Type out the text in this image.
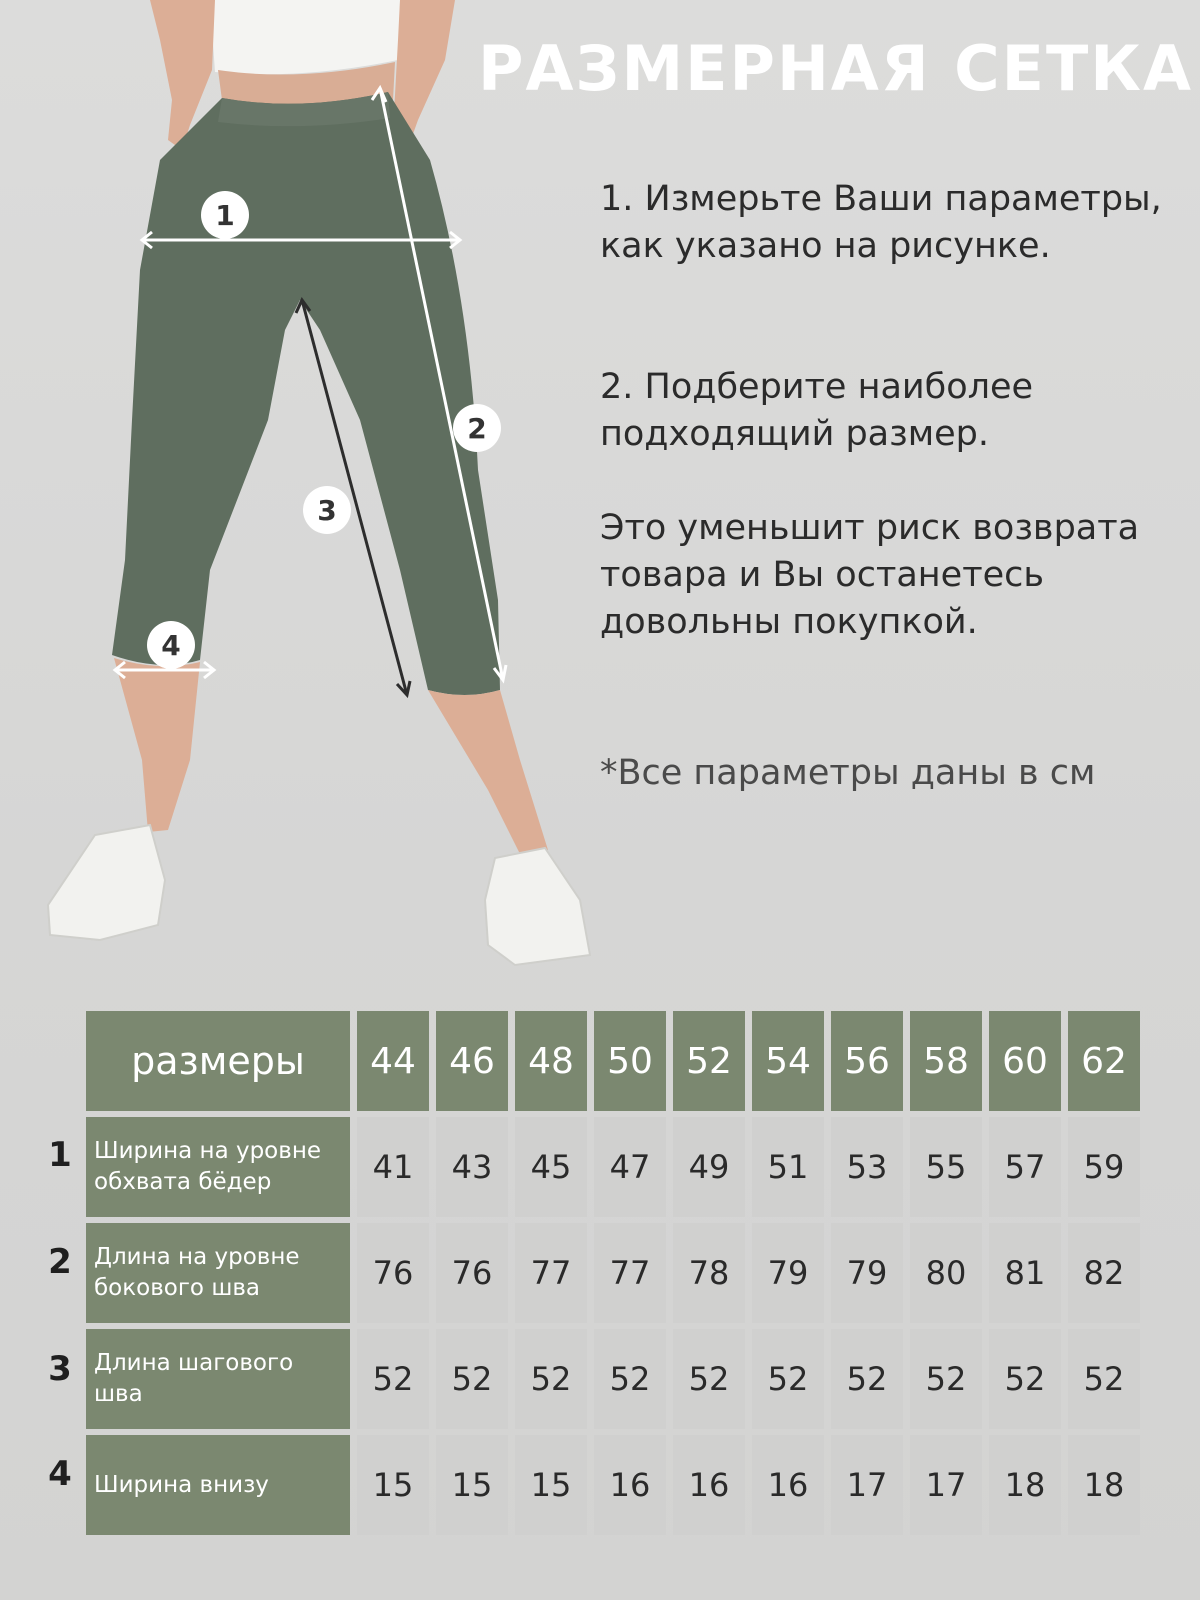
РАЗМЕРНАЯ СЕТКА
1
2
3
4
1. Измерьте Ваши параметры, как указано на рисунке.
2. Подберите наиболее подходящий размер.
Это уменьшит риск возврата товара и Вы останетесь довольны покупкой.
*Все параметры даны в см
1
2
3
4
размеры	44	46	48	50	52	54	56	58	60	62
Ширина на уровне обхвата бёдер	41	43	45	47	49	51	53	55	57	59
Длина на уровне бокового шва	76	76	77	77	78	79	79	80	81	82
Длина шагового шва	52	52	52	52	52	52	52	52	52	52
Ширина внизу	15	15	15	16	16	16	17	17	18	18
